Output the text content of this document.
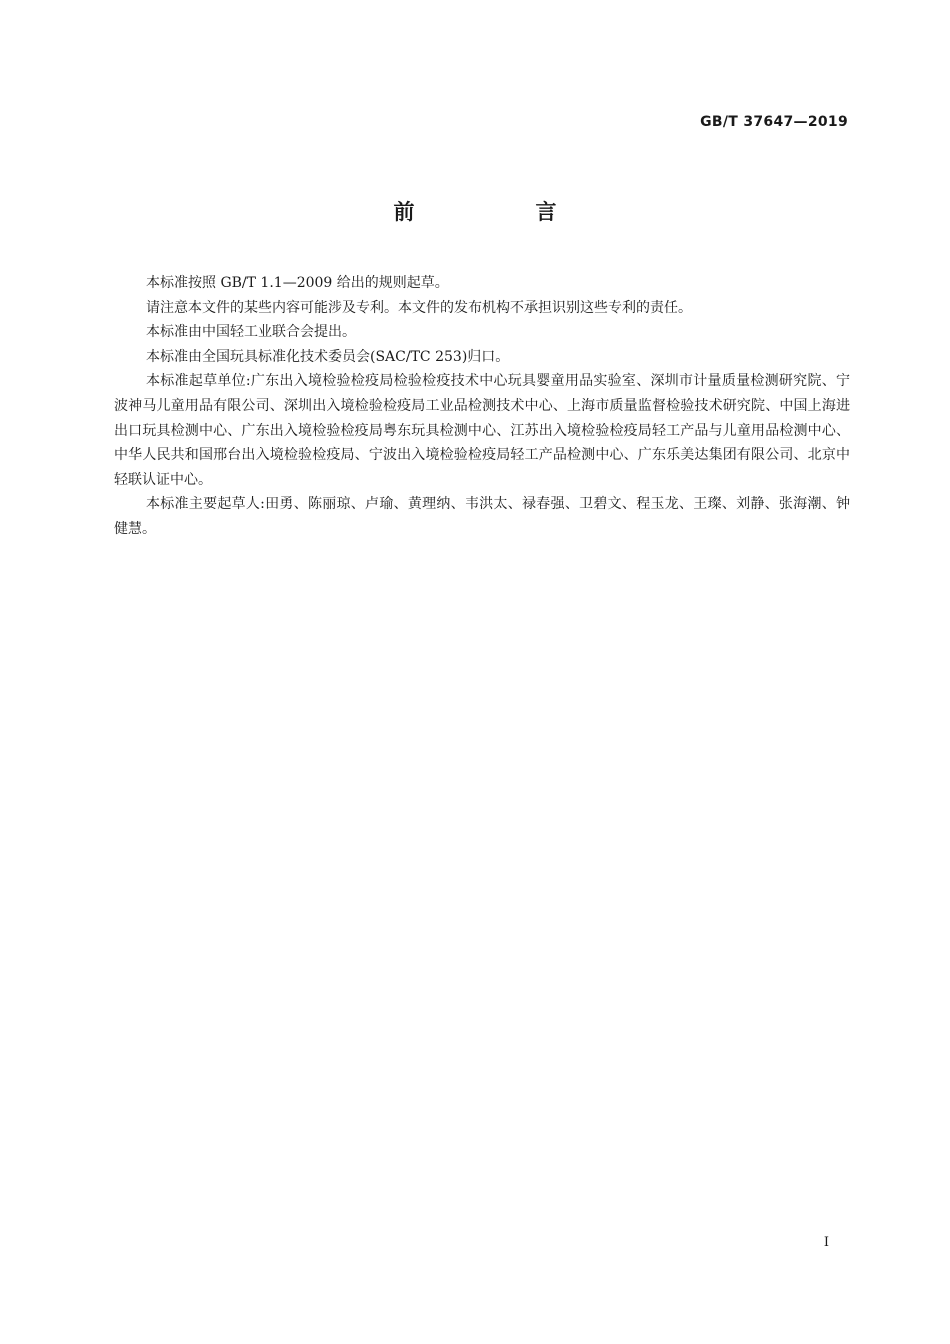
GB/T 37647—2019
前　言

本标准按照 GB/T 1.1—2009 给出的规则起草。

请注意本文件的某些内容可能涉及专利。本文件的发布机构不承担识别这些专利的责任。

本标准由中国轻工业联合会提出。

本标准由全国玩具标准化技术委员会(SAC/TC 253)归口。

本标准起草单位:广东出入境检验检疫局检验检疫技术中心玩具婴童用品实验室、深圳市计量质量检测研究院、宁波神马儿童用品有限公司、深圳出入境检验检疫局工业品检测技术中心、上海市质量监督检验技术研究院、中国上海进出口玩具检测中心、广东出入境检验检疫局粤东玩具检测中心、江苏出入境检验检疫局轻工产品与儿童用品检测中心、中华人民共和国邢台出入境检验检疫局、宁波出入境检验检疫局轻工产品检测中心、广东乐美达集团有限公司、北京中轻联认证中心。

本标准主要起草人:田勇、陈丽琼、卢瑜、黄理纳、韦洪太、禄春强、卫碧文、程玉龙、王璨、刘静、张海潮、钟健慧。

I
